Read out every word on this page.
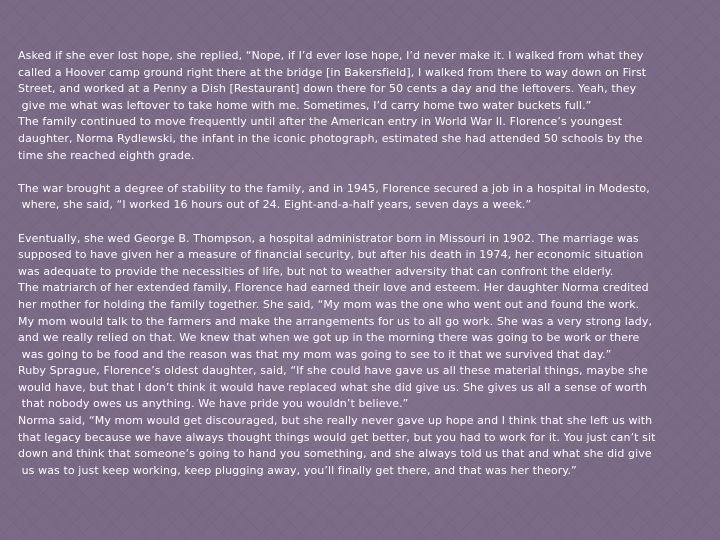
Asked if she ever lost hope, she replied, “Nope, if I’d ever lose hope, I’d never make it. I walked from what they
called a Hoover camp ground right there at the bridge [in Bakersfield], I walked from there to way down on First
Street, and worked at a Penny a Dish [Restaurant] down there for 50 cents a day and the leftovers. Yeah, they
give me what was leftover to take home with me. Sometimes, I’d carry home two water buckets full.”

The family continued to move frequently until after the American entry in World War II. Florence’s youngest
daughter, Norma Rydlewski, the infant in the iconic photograph, estimated she had attended 50 schools by the
time she reached eighth grade.

The war brought a degree of stability to the family, and in 1945, Florence secured a job in a hospital in Modesto,
where, she said, “I worked 16 hours out of 24. Eight-and-a-half years, seven days a week.”

Eventually, she wed George B. Thompson, a hospital administrator born in Missouri in 1902. The marriage was
supposed to have given her a measure of financial security, but after his death in 1974, her economic situation
was adequate to provide the necessities of life, but not to weather adversity that can confront the elderly.

The matriarch of her extended family, Florence had earned their love and esteem. Her daughter Norma credited
her mother for holding the family together. She said, “My mom was the one who went out and found the work.
My mom would talk to the farmers and make the arrangements for us to all go work. She was a very strong lady,
and we really relied on that. We knew that when we got up in the morning there was going to be work or there
was going to be food and the reason was that my mom was going to see to it that we survived that day.”

Ruby Sprague, Florence’s oldest daughter, said, “If she could have gave us all these material things, maybe she
would have, but that I don’t think it would have replaced what she did give us. She gives us all a sense of worth
that nobody owes us anything. We have pride you wouldn’t believe.”

Norma said, “My mom would get discouraged, but she really never gave up hope and I think that she left us with
that legacy because we have always thought things would get better, but you had to work for it. You just can’t sit
down and think that someone’s going to hand you something, and she always told us that and what she did give
us was to just keep working, keep plugging away, you’ll finally get there, and that was her theory.”
